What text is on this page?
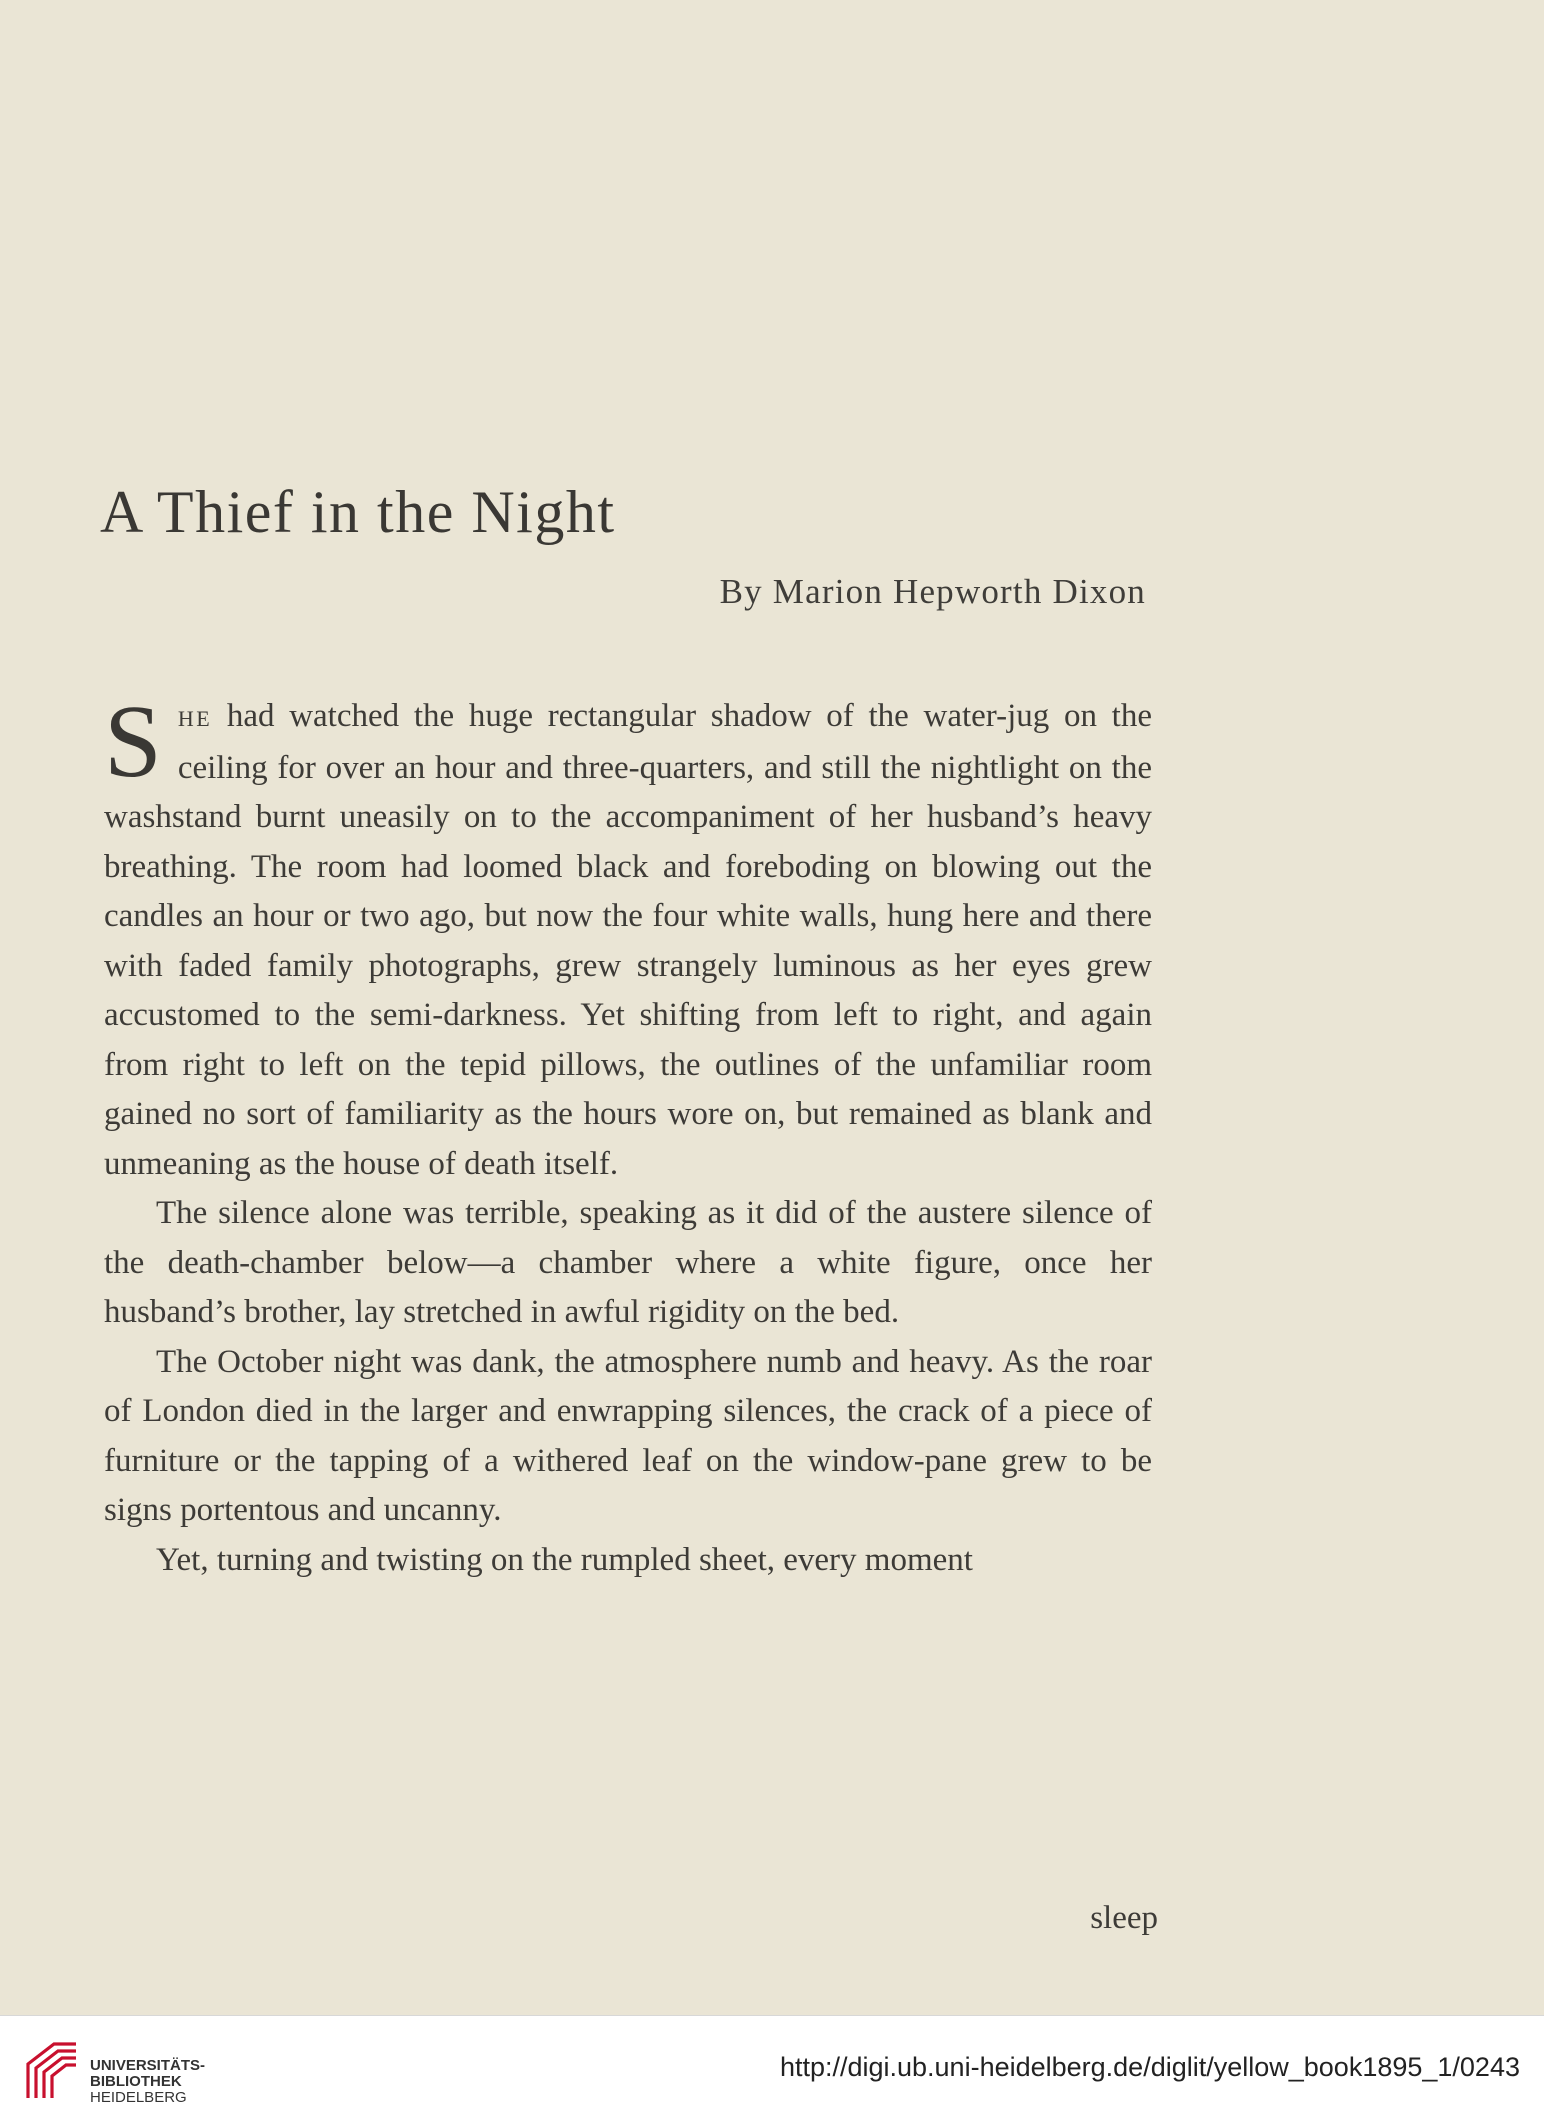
A Thief in the Night
By Marion Hepworth Dixon

SHE had watched the huge rectangular shadow of the water-jug on the ceiling for over an hour and three-quarters, and still the nightlight on the washstand burnt uneasily on to the accompaniment of her husband’s heavy breathing. The room had loomed black and foreboding on blowing out the candles an hour or two ago, but now the four white walls, hung here and there with faded family photographs, grew strangely luminous as her eyes grew accustomed to the semi-darkness. Yet shifting from left to right, and again from right to left on the tepid pillows, the outlines of the unfamiliar room gained no sort of familiarity as the hours wore on, but remained as blank and unmeaning as the house of death itself.

The silence alone was terrible, speaking as it did of the austere silence of the death-chamber below—a chamber where a white figure, once her husband’s brother, lay stretched in awful rigidity on the bed.

The October night was dank, the atmosphere numb and heavy. As the roar of London died in the larger and enwrapping silences, the crack of a piece of furniture or the tapping of a withered leaf on the window-pane grew to be signs portentous and uncanny.

Yet, turning and twisting on the rumpled sheet, every moment

sleep
UNIVERSITÄTS-
BIBLIOTHEK
HEIDELBERG
http://digi.ub.uni-heidelberg.de/diglit/yellow_book1895_1/0243
